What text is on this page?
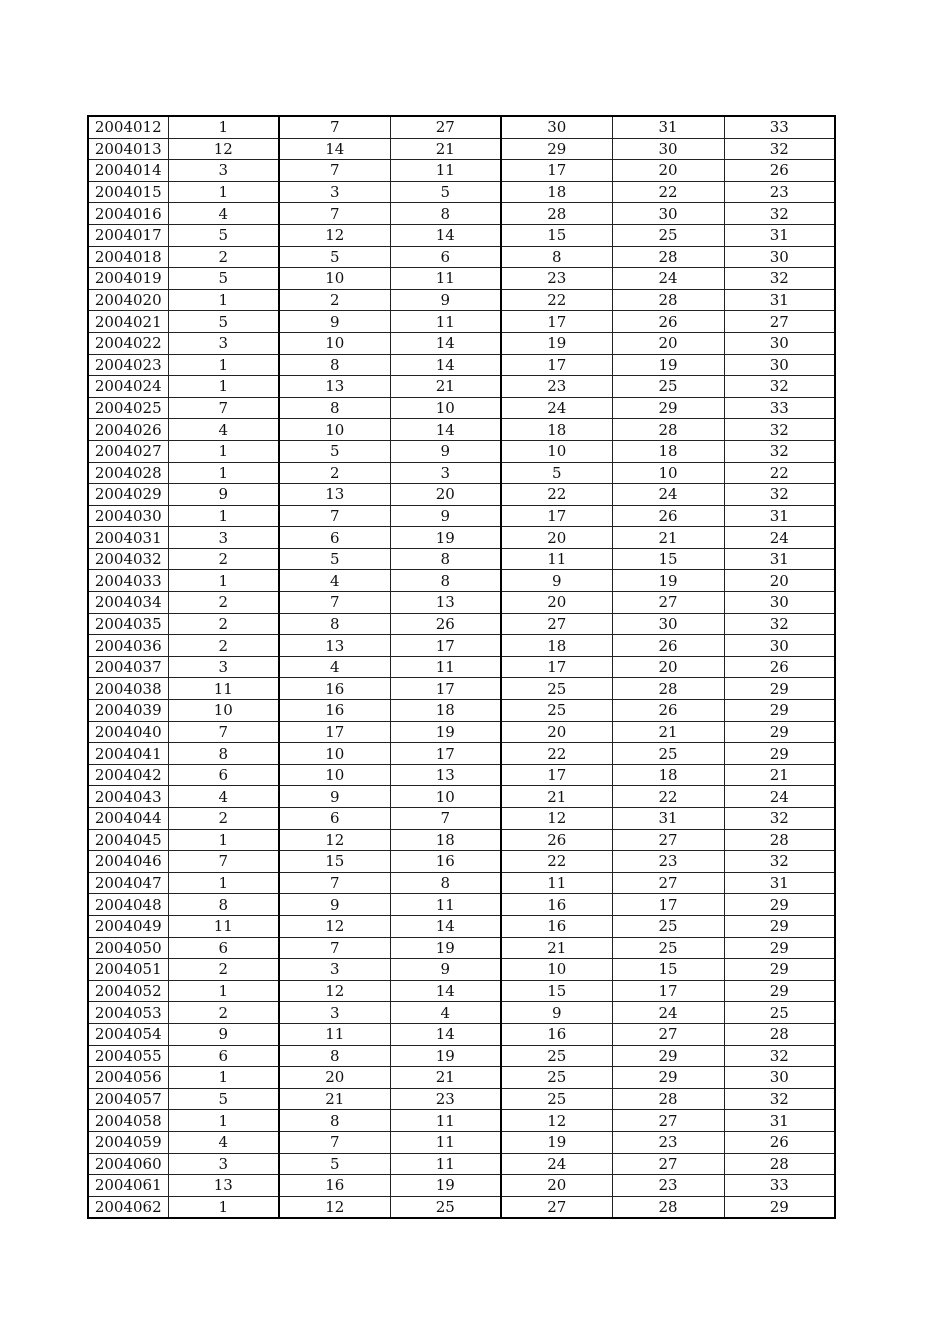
2004012	1	7	27	30	31	33
2004013	12	14	21	29	30	32
2004014	3	7	11	17	20	26
2004015	1	3	5	18	22	23
2004016	4	7	8	28	30	32
2004017	5	12	14	15	25	31
2004018	2	5	6	8	28	30
2004019	5	10	11	23	24	32
2004020	1	2	9	22	28	31
2004021	5	9	11	17	26	27
2004022	3	10	14	19	20	30
2004023	1	8	14	17	19	30
2004024	1	13	21	23	25	32
2004025	7	8	10	24	29	33
2004026	4	10	14	18	28	32
2004027	1	5	9	10	18	32
2004028	1	2	3	5	10	22
2004029	9	13	20	22	24	32
2004030	1	7	9	17	26	31
2004031	3	6	19	20	21	24
2004032	2	5	8	11	15	31
2004033	1	4	8	9	19	20
2004034	2	7	13	20	27	30
2004035	2	8	26	27	30	32
2004036	2	13	17	18	26	30
2004037	3	4	11	17	20	26
2004038	11	16	17	25	28	29
2004039	10	16	18	25	26	29
2004040	7	17	19	20	21	29
2004041	8	10	17	22	25	29
2004042	6	10	13	17	18	21
2004043	4	9	10	21	22	24
2004044	2	6	7	12	31	32
2004045	1	12	18	26	27	28
2004046	7	15	16	22	23	32
2004047	1	7	8	11	27	31
2004048	8	9	11	16	17	29
2004049	11	12	14	16	25	29
2004050	6	7	19	21	25	29
2004051	2	3	9	10	15	29
2004052	1	12	14	15	17	29
2004053	2	3	4	9	24	25
2004054	9	11	14	16	27	28
2004055	6	8	19	25	29	32
2004056	1	20	21	25	29	30
2004057	5	21	23	25	28	32
2004058	1	8	11	12	27	31
2004059	4	7	11	19	23	26
2004060	3	5	11	24	27	28
2004061	13	16	19	20	23	33
2004062	1	12	25	27	28	29
